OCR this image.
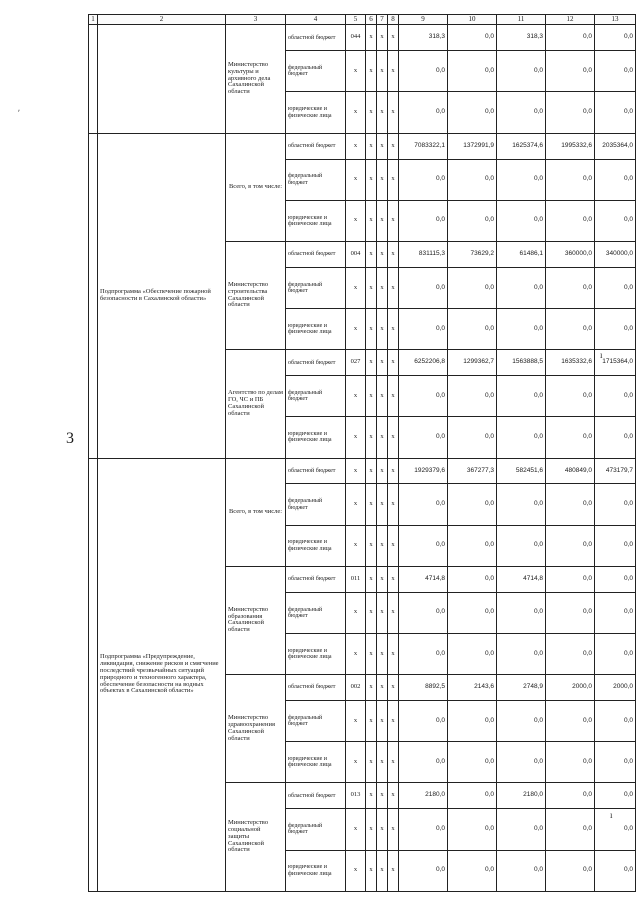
3
ʹ
ı
ı
1	2	3	4	5	6	7	8	9	10	11	12	13
		Министерство культуры и архивного дела Сахалинской области	областной бюджет	044	x	x	x	318,3	0,0	318,3	0,0	0,0
			федеральный бюджет	x	x	x	x	0,0	0,0	0,0	0,0	0,0
			юридические и физические лица	x	x	x	x	0,0	0,0	0,0	0,0	0,0
	Подпрограмма «Обеспечение пожарной безопасности в Сахалинской области»	Всего, в том числе:	областной бюджет	x	x	x	x	7083322,1	1372991,9	1625374,6	1995332,6	2035364,0
			федеральный бюджет	x	x	x	x	0,0	0,0	0,0	0,0	0,0
			юридические и физические лица	x	x	x	x	0,0	0,0	0,0	0,0	0,0
		Министерство строительства Сахалинской области	областной бюджет	004	x	x	x	831115,3	73629,2	61486,1	360000,0	340000,0
			федеральный бюджет	x	x	x	x	0,0	0,0	0,0	0,0	0,0
			юридические и физические лица	x	x	x	x	0,0	0,0	0,0	0,0	0,0
		Агентство по делам ГО, ЧС и ПБ Сахалинской области	областной бюджет	027	x	x	x	6252206,8	1299362,7	1563888,5	1635332,6	1715364,0
			федеральный бюджет	x	x	x	x	0,0	0,0	0,0	0,0	0,0
			юридические и физические лица	x	x	x	x	0,0	0,0	0,0	0,0	0,0
	Подпрограмма «Предупреждение, ликвидация, снижение рисков и смягчение последствий чрезвычайных ситуаций природного и техногенного характера, обеспечение безопасности на водных объектах в Сахалинской области»	Всего, в том числе:	областной бюджет	x	x	x	x	1929379,6	367277,3	582451,6	480849,0	473179,7
			федеральный бюджет	x	x	x	x	0,0	0,0	0,0	0,0	0,0
			юридические и физические лица	x	x	x	x	0,0	0,0	0,0	0,0	0,0
		Министерство образования Сахалинской области	областной бюджет	011	x	x	x	4714,8	0,0	4714,8	0,0	0,0
			федеральный бюджет	x	x	x	x	0,0	0,0	0,0	0,0	0,0
			юридические и физические лица	x	x	x	x	0,0	0,0	0,0	0,0	0,0
		Министерство здравоохранения Сахалинской области	областной бюджет	002	x	x	x	8892,5	2143,6	2748,9	2000,0	2000,0
			федеральный бюджет	x	x	x	x	0,0	0,0	0,0	0,0	0,0
			юридические и физические лица	x	x	x	x	0,0	0,0	0,0	0,0	0,0
		Министерство социальной защиты Сахалинской области	областной бюджет	013	x	x	x	2180,0	0,0	2180,0	0,0	0,0
			федеральный бюджет	x	x	x	x	0,0	0,0	0,0	0,0	0,0
			юридические и физические лица	x	x	x	x	0,0	0,0	0,0	0,0	0,0
